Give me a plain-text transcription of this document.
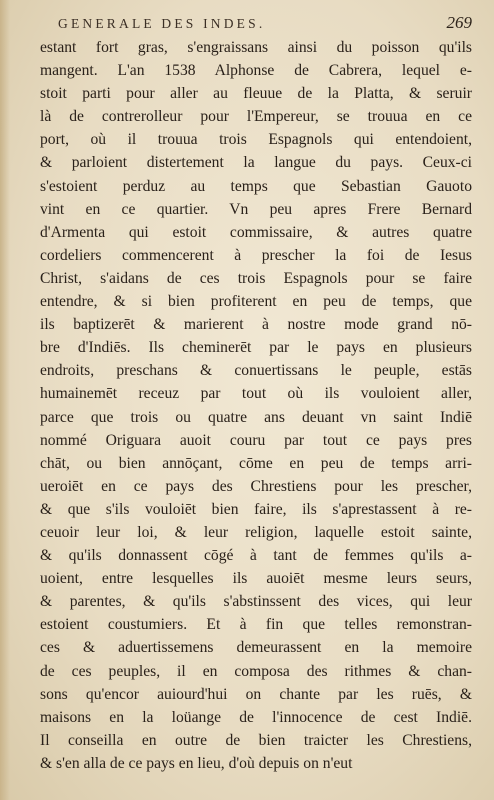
GENERALE DES INDES.	269
estant fort gras, s'engraissans ainsi du poisson qu'ils
mangent. L'an 1538 Alphonse de Cabrera, lequel e-
stoit parti pour aller au fleuue de la Platta, & seruir
là de contrerolleur pour l'Empereur, se trouua en ce
port, où il trouua trois Espagnols qui entendoient,
& parloient distertement la langue du pays. Ceux-ci
s'estoient perduz au temps que Sebastian Gauoto
vint en ce quartier. Vn peu apres Frere Bernard
d'Armenta qui estoit commissaire, & autres quatre
cordeliers commencerent à prescher la foi de Iesus
Christ, s'aidans de ces trois Espagnols pour se faire
entendre, & si bien profiterent en peu de temps, que
ils baptizerēt & marierent à nostre mode grand nō-
bre d'Indiēs. Ils cheminerēt par le pays en plusieurs
endroits, preschans & conuertissans le peuple, estās
humainemēt receuz par tout où ils vouloient aller,
parce que trois ou quatre ans deuant vn saint Indiē
nommé Origuara auoit couru par tout ce pays pres
chāt, ou bien annōçant, cōme en peu de temps arri-
ueroiēt en ce pays des Chrestiens pour les prescher,
& que s'ils vouloiēt bien faire, ils s'aprestassent à re-
ceuoir leur loi, & leur religion, laquelle estoit sainte,
& qu'ils donnassent cōgé à tant de femmes qu'ils a-
uoient, entre lesquelles ils auoiēt mesme leurs seurs,
& parentes, & qu'ils s'abstinssent des vices, qui leur
estoient coustumiers. Et à fin que telles remonstran-
ces & aduertissemens demeurassent en la memoire
de ces peuples, il en composa des rithmes & chan-
sons qu'encor auiourd'hui on chante par les ruēs, &
maisons en la loüange de l'innocence de cest Indiē.
Il conseilla en outre de bien traicter les Chrestiens,
& s'en alla de ce pays en lieu, d'où depuis on n'eut
